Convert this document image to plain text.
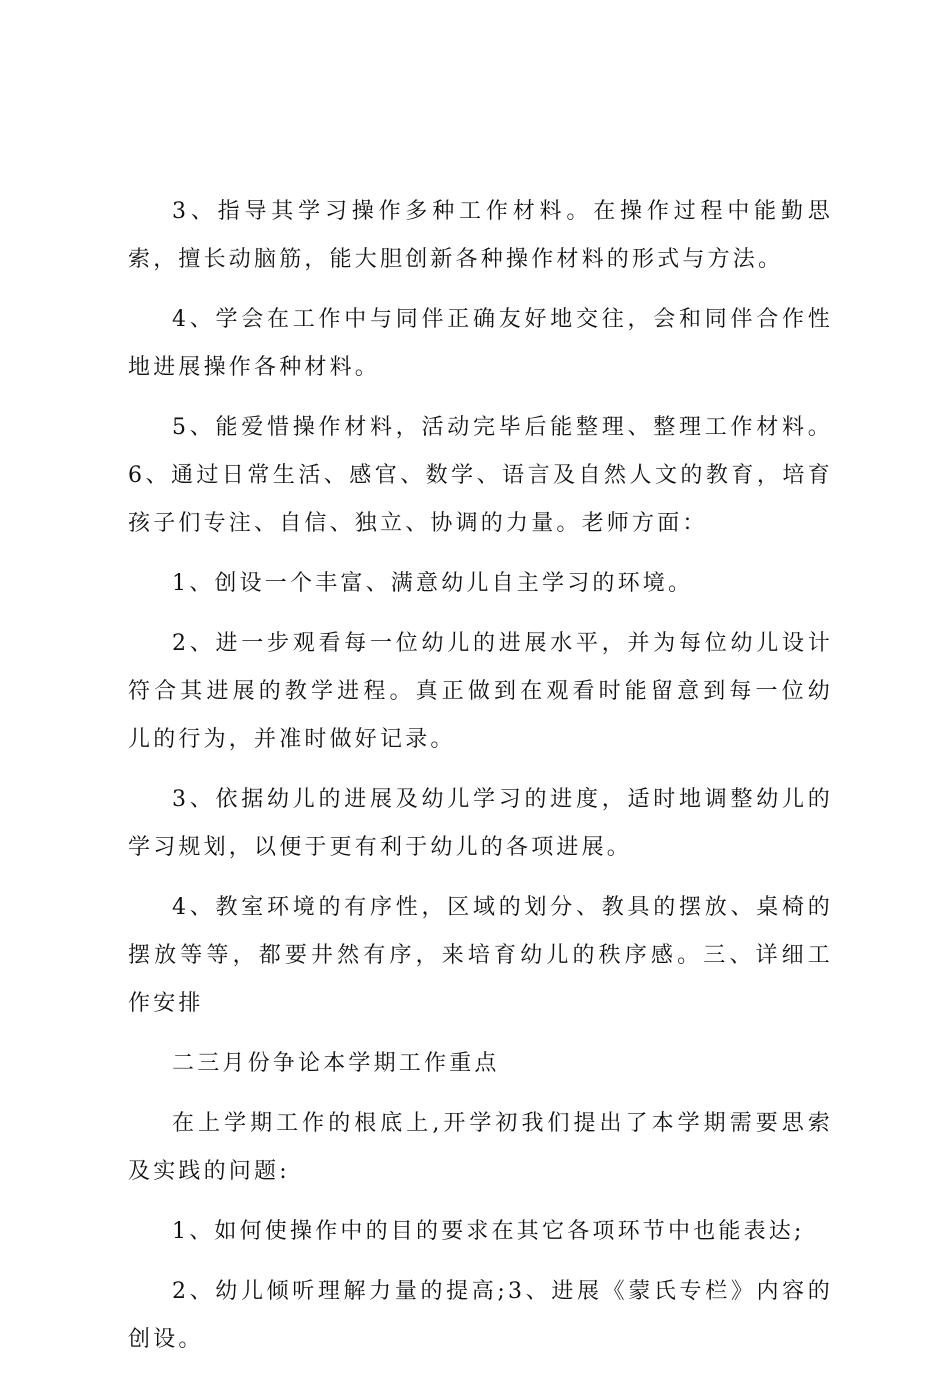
3、指导其学习操作多种工作材料。在操作过程中能勤思索，擅长动脑筋，能大胆创新各种操作材料的形式与方法。

4、学会在工作中与同伴正确友好地交往，会和同伴合作性地进展操作各种材料。

5、能爱惜操作材料，活动完毕后能整理、整理工作材料。6、通过日常生活、感官、数学、语言及自然人文的教育，培育孩子们专注、自信、独立、协调的力量。老师方面：

1、创设一个丰富、满意幼儿自主学习的环境。

2、进一步观看每一位幼儿的进展水平，并为每位幼儿设计符合其进展的教学进程。真正做到在观看时能留意到每一位幼儿的行为，并准时做好记录。

3、依据幼儿的进展及幼儿学习的进度，适时地调整幼儿的学习规划，以便于更有利于幼儿的各项进展。

4、教室环境的有序性，区域的划分、教具的摆放、桌椅的摆放等等，都要井然有序，来培育幼儿的秩序感。三、详细工作安排

二三月份争论本学期工作重点

在上学期工作的根底上,开学初我们提出了本学期需要思索及实践的问题:

1、如何使操作中的目的要求在其它各项环节中也能表达;

2、幼儿倾听理解力量的提高;3、进展《蒙氏专栏》内容的创设。
